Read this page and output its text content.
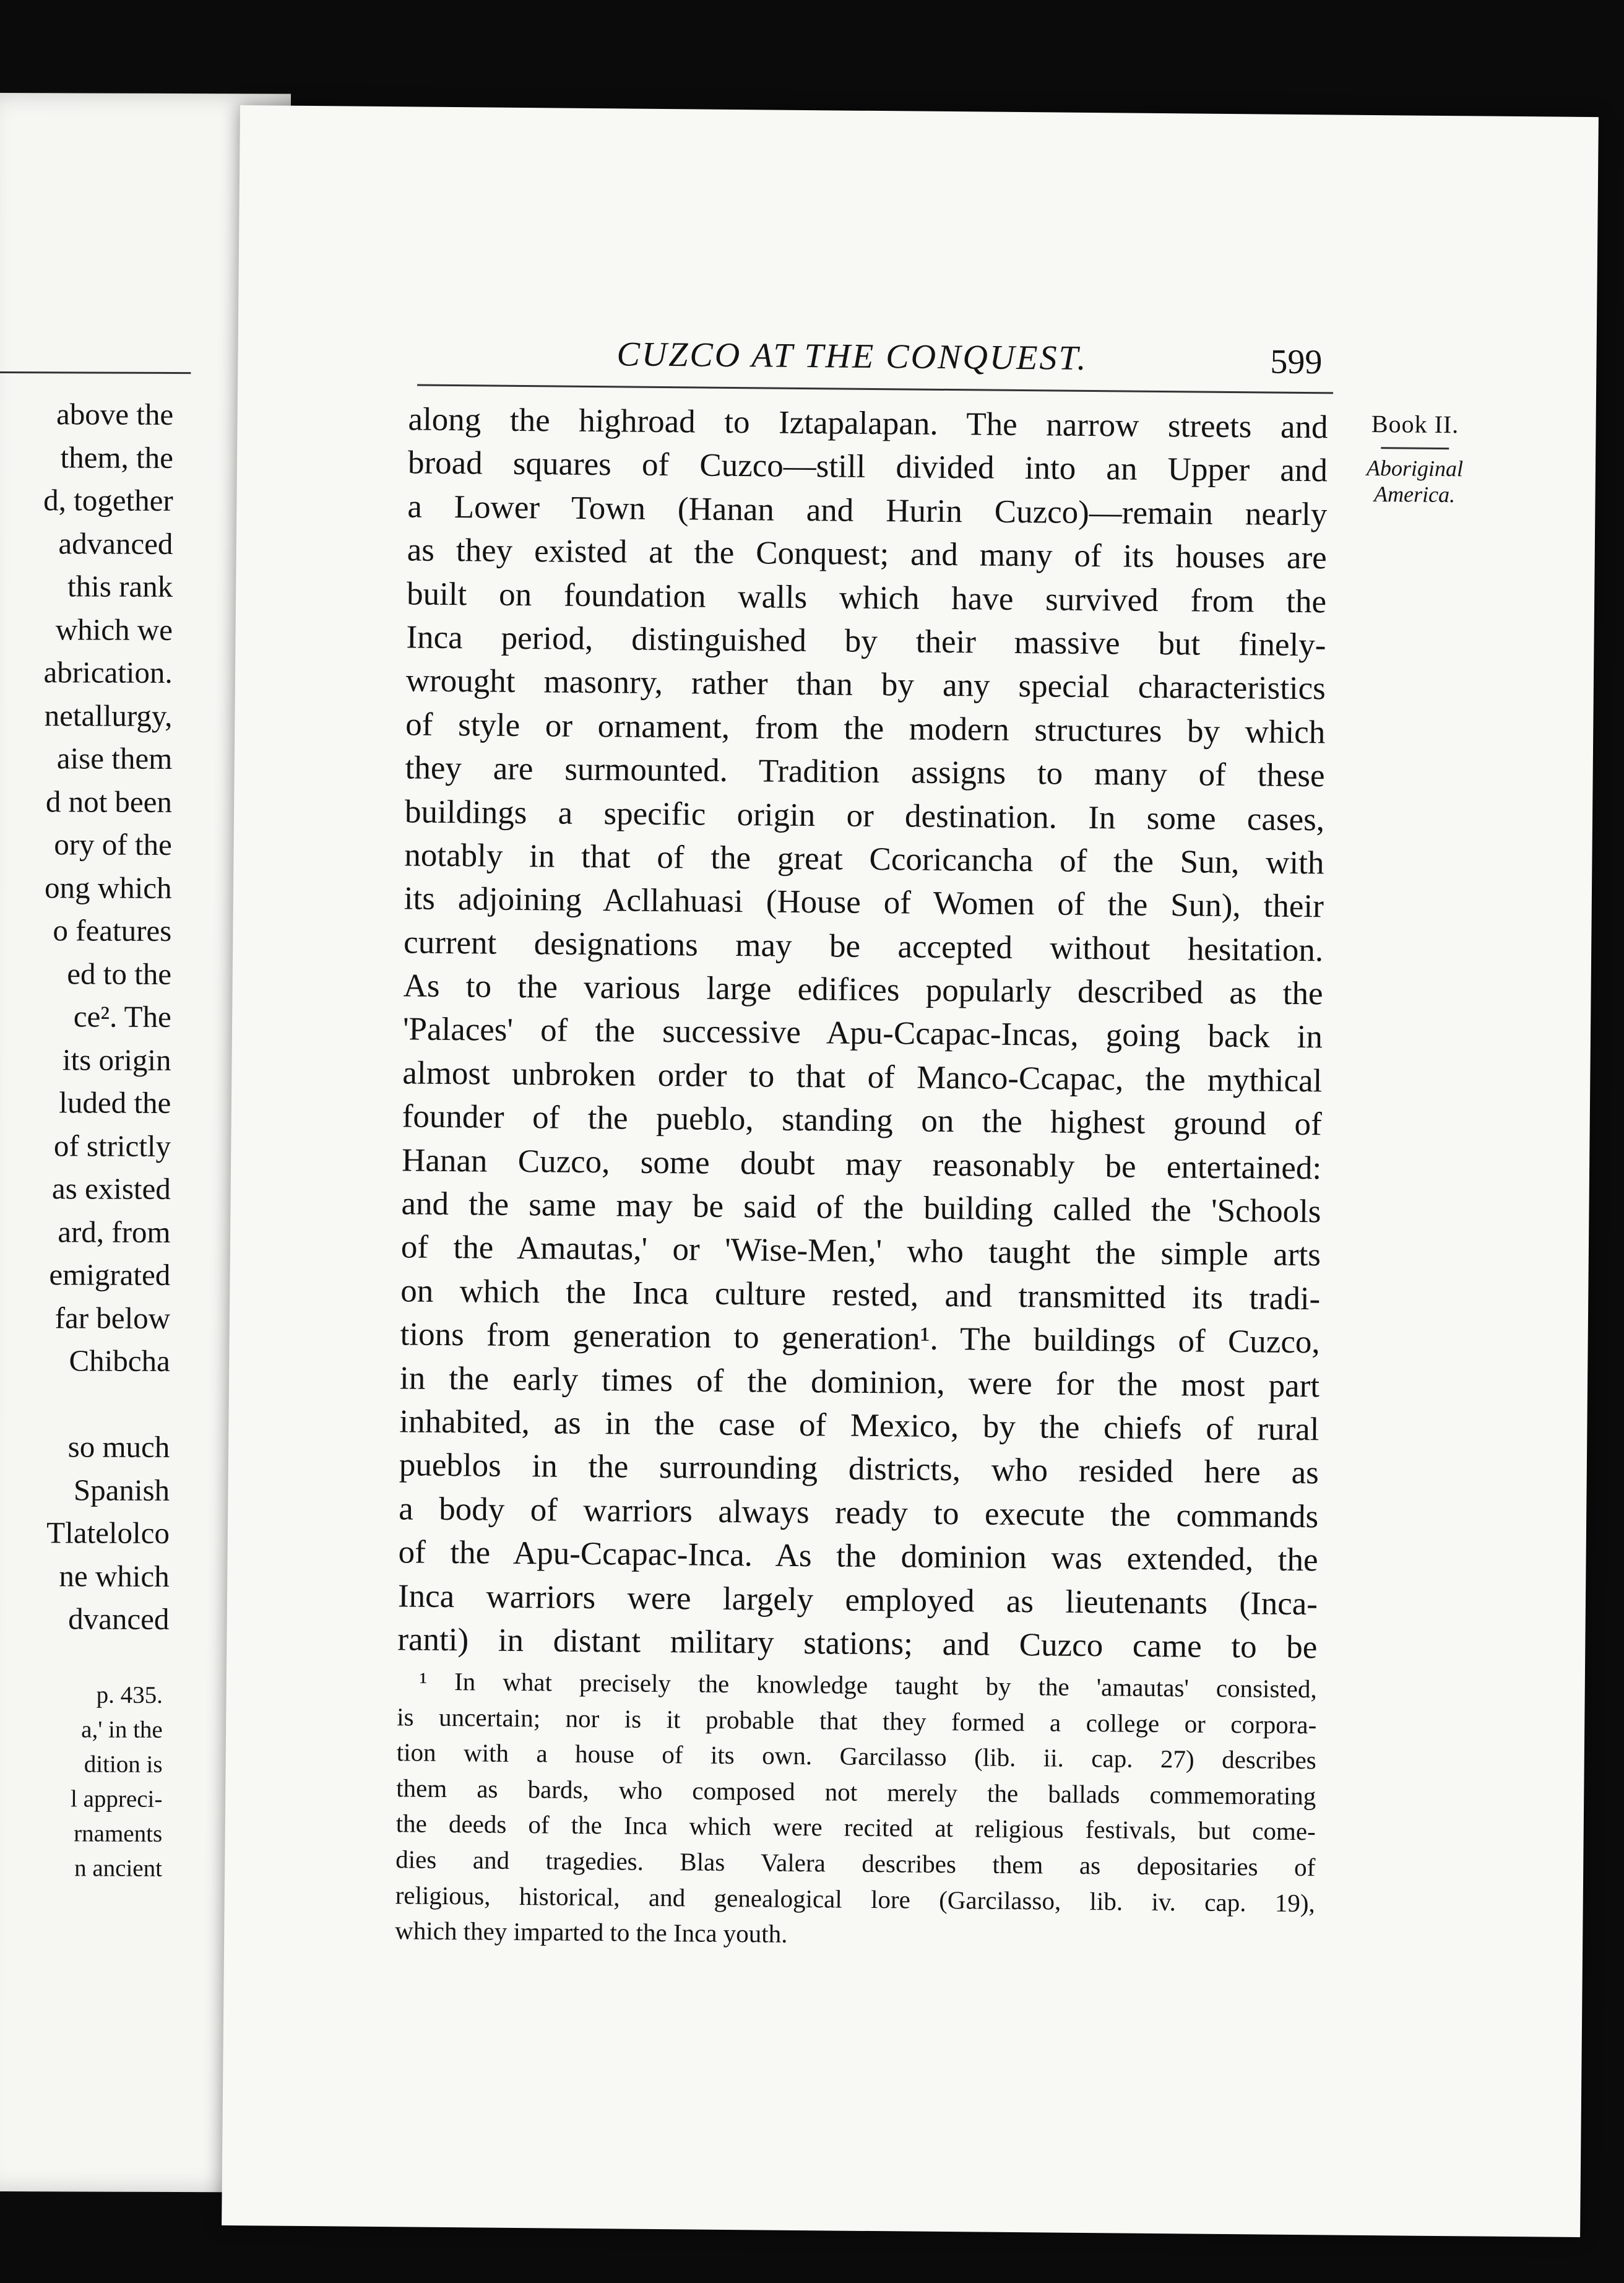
above the
them, the
d, together
advanced
this rank
which we
abrication.
netallurgy,
aise them
d not been
ory of the
ong which
o features
ed to the
ce². The
its origin
luded the
of strictly
as existed
ard, from
emigrated
far below
Chibcha
so much
Spanish
Tlatelolco
ne which
dvanced
p. 435.
a,' in the
dition is
l appreci-
rnaments
n ancient
CUZCO AT THE CONQUEST.	599
along the highroad to Iztapalapan. The narrow streets and
broad squares of Cuzco—still divided into an Upper and
a Lower Town (Hanan and Hurin Cuzco)—remain nearly
as they existed at the Conquest; and many of its houses are
built on foundation walls which have survived from the
Inca period, distinguished by their massive but finely-
wrought masonry, rather than by any special characteristics
of style or ornament, from the modern structures by which
they are surmounted. Tradition assigns to many of these
buildings a specific origin or destination. In some cases,
notably in that of the great Ccoricancha of the Sun, with
its adjoining Acllahuasi (House of Women of the Sun), their
current designations may be accepted without hesitation.
As to the various large edifices popularly described as the
'Palaces' of the successive Apu-Ccapac-Incas, going back in
almost unbroken order to that of Manco-Ccapac, the mythical
founder of the pueblo, standing on the highest ground of
Hanan Cuzco, some doubt may reasonably be entertained:
and the same may be said of the building called the 'Schools
of the Amautas,' or 'Wise-Men,' who taught the simple arts
on which the Inca culture rested, and transmitted its tradi-
tions from generation to generation¹. The buildings of Cuzco,
in the early times of the dominion, were for the most part
inhabited, as in the case of Mexico, by the chiefs of rural
pueblos in the surrounding districts, who resided here as
a body of warriors always ready to execute the commands
of the Apu-Ccapac-Inca. As the dominion was extended, the
Inca warriors were largely employed as lieutenants (Inca-
ranti) in distant military stations; and Cuzco came to be
Book II.
Aboriginal
America.
¹ In what precisely the knowledge taught by the 'amautas' consisted,
is uncertain; nor is it probable that they formed a college or corpora-
tion with a house of its own. Garcilasso (lib. ii. cap. 27) describes
them as bards, who composed not merely the ballads commemorating
the deeds of the Inca which were recited at religious festivals, but come-
dies and tragedies. Blas Valera describes them as depositaries of
religious, historical, and genealogical lore (Garcilasso, lib. iv. cap. 19),
which they imparted to the Inca youth.
